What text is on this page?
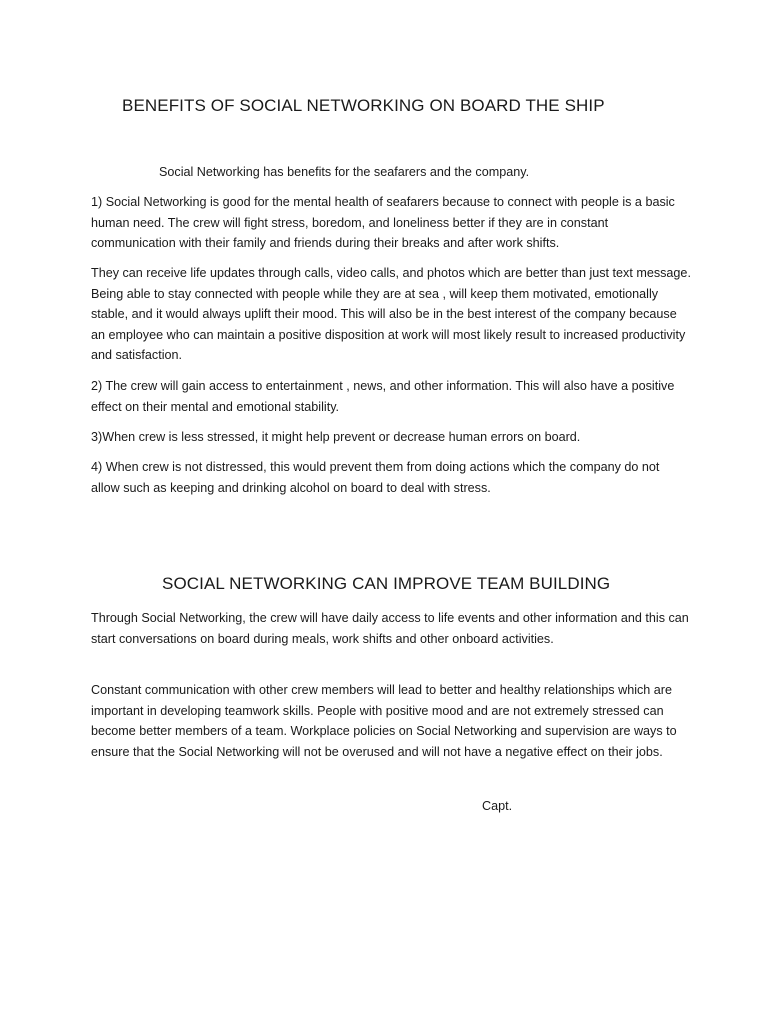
BENEFITS OF SOCIAL NETWORKING ON BOARD THE SHIP

Social Networking has benefits for the seafarers and the company.

1) Social Networking is good for the mental health of seafarers because to connect with people is a basic human need. The crew will fight stress, boredom, and loneliness better if they are in constant communication with their family and friends during their breaks and after work shifts.

They can receive life updates through calls, video calls, and photos which are better than just text message. Being able to stay connected with people while they are at sea , will keep them motivated, emotionally stable, and it would always uplift their mood. This will also be in the best interest of the company because an employee who can maintain a positive disposition at work will most likely result to increased productivity and satisfaction.

2) The crew will gain access to entertainment , news, and other information. This will also have a positive effect on their mental and emotional stability.

3)When crew is less stressed, it might help prevent or decrease human errors on board.

4) When crew is not distressed, this would prevent them from doing actions which the company do not allow such as keeping and drinking alcohol on board to deal with stress.

SOCIAL NETWORKING CAN IMPROVE TEAM BUILDING

Through Social Networking, the crew will have daily access to life events and other information and this can start conversations on board during meals, work shifts and other onboard activities.

Constant communication with other crew members will lead to better and healthy relationships which are important in developing teamwork skills. People with positive mood and are not extremely stressed can become better members of a team. Workplace policies on Social Networking and supervision are ways to ensure that the Social Networking will not be overused and will not have a negative effect on their jobs.

Capt.
